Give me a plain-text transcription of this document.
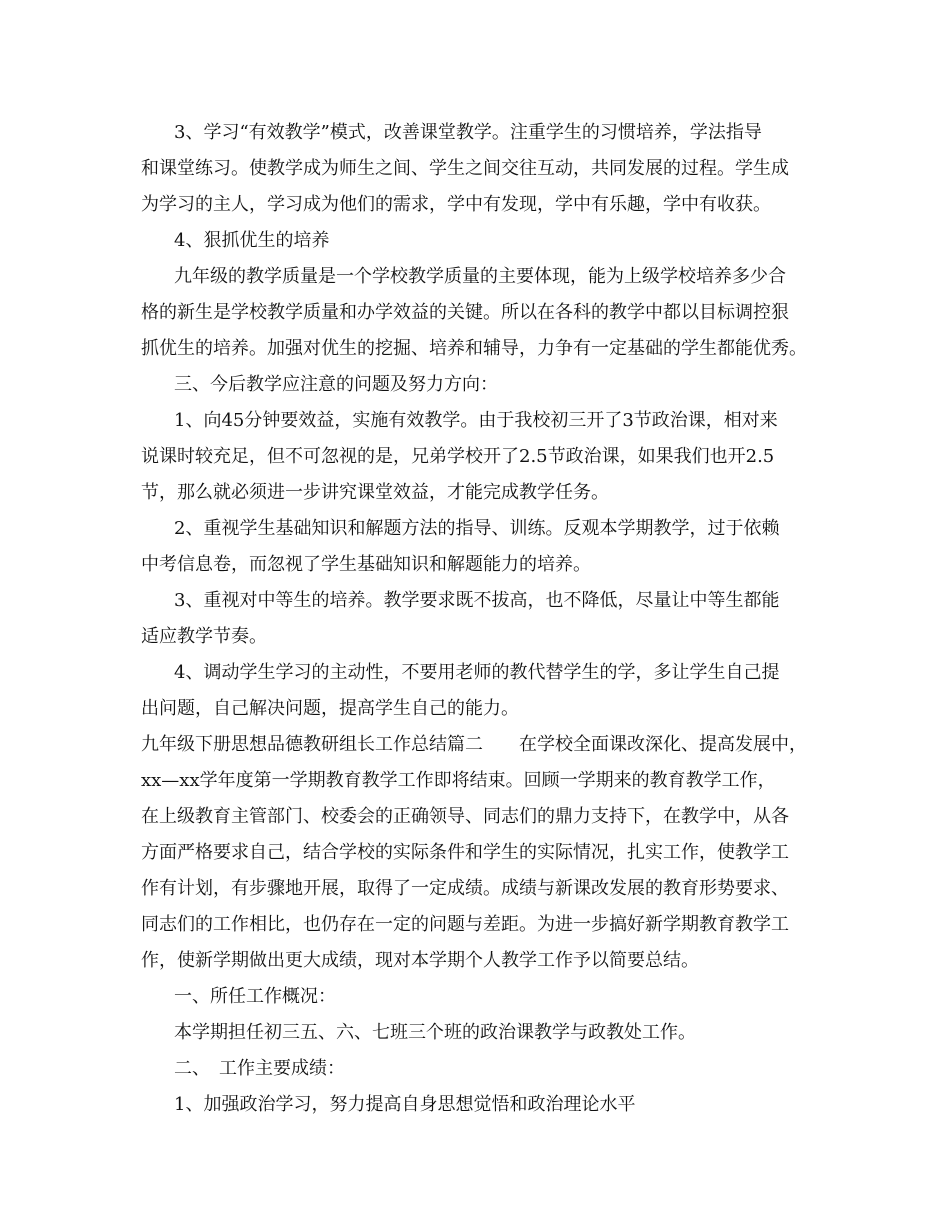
3、学习“有效教学”模式，改善课堂教学。注重学生的习惯培养，学法指导
和课堂练习。使教学成为师生之间、学生之间交往互动，共同发展的过程。学生成
为学习的主人，学习成为他们的需求，学中有发现，学中有乐趣，学中有收获。
4、狠抓优生的培养
九年级的教学质量是一个学校教学质量的主要体现，能为上级学校培养多少合
格的新生是学校教学质量和办学效益的关键。所以在各科的教学中都以目标调控狠
抓优生的培养。加强对优生的挖掘、培养和辅导，力争有一定基础的学生都能优秀。
三、今后教学应注意的问题及努力方向：
1、向45分钟要效益，实施有效教学。由于我校初三开了3节政治课，相对来
说课时较充足，但不可忽视的是，兄弟学校开了2.5节政治课，如果我们也开2.5
节，那么就必须进一步讲究课堂效益，才能完成教学任务。
2、重视学生基础知识和解题方法的指导、训练。反观本学期教学，过于依赖
中考信息卷，而忽视了学生基础知识和解题能力的培养。
3、重视对中等生的培养。教学要求既不拔高，也不降低，尽量让中等生都能
适应教学节奏。
4、调动学生学习的主动性，不要用老师的教代替学生的学，多让学生自己提
出问题，自己解决问题，提高学生自己的能力。
九年级下册思想品德教研组长工作总结篇二　　在学校全面课改深化、提高发展中，
xx—xx学年度第一学期教育教学工作即将结束。回顾一学期来的教育教学工作，
在上级教育主管部门、校委会的正确领导、同志们的鼎力支持下，在教学中，从各
方面严格要求自己，结合学校的实际条件和学生的实际情况，扎实工作，使教学工
作有计划，有步骤地开展，取得了一定成绩。成绩与新课改发展的教育形势要求、
同志们的工作相比，也仍存在一定的问题与差距。为进一步搞好新学期教育教学工
作，使新学期做出更大成绩，现对本学期个人教学工作予以简要总结。
一、所任工作概况：
本学期担任初三五、六、七班三个班的政治课教学与政教处工作。
二、　工作主要成绩：
1、加强政治学习，努力提高自身思想觉悟和政治理论水平
